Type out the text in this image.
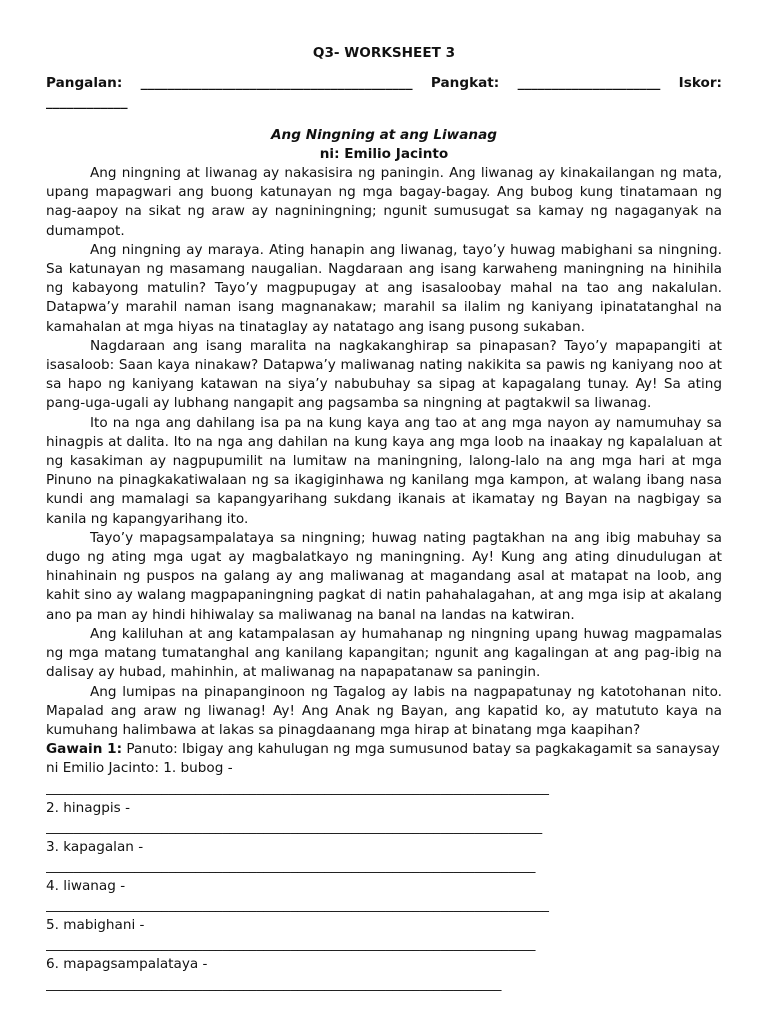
Q3- WORKSHEET 3

Pangalan: ________________________________________ Pangkat: _____________________ Iskor:

____________

Ang Ningning at ang Liwanag

ni: Emilio Jacinto

Ang ningning at liwanag ay nakasisira ng paningin. Ang liwanag ay kinakailangan ng mata, upang mapagwari ang buong katunayan ng mga bagay-bagay. Ang bubog kung tinatamaan ng nag-aapoy na sikat ng araw ay nagniningning; ngunit sumusugat sa kamay ng nagaganyak na dumampot.

Ang ningning ay maraya. Ating hanapin ang liwanag, tayo’y huwag mabighani sa ningning. Sa katunayan ng masamang naugalian. Nagdaraan ang isang karwaheng maningning na hinihila ng kabayong matulin? Tayo’y magpupugay at ang isasaloobay mahal na tao ang nakalulan. Datapwa’y marahil naman isang magnanakaw; marahil sa ilalim ng kaniyang ipinatatanghal na kamahalan at mga hiyas na tinataglay ay natatago ang isang pusong sukaban.

Nagdaraan ang isang maralita na nagkakanghirap sa pinapasan? Tayo’y mapapangiti at isasaloob: Saan kaya ninakaw? Datapwa’y maliwanag nating nakikita sa pawis ng kaniyang noo at sa hapo ng kaniyang katawan na siya’y nabubuhay sa sipag at kapagalang tunay. Ay! Sa ating pang-uga-ugali ay lubhang nangapit ang pagsamba sa ningning at pagtakwil sa liwanag.

Ito na nga ang dahilang isa pa na kung kaya ang tao at ang mga nayon ay namumuhay sa hinagpis at dalita. Ito na nga ang dahilan na kung kaya ang mga loob na inaakay ng kapalaluan at ng kasakiman ay nagpupumilit na lumitaw na maningning, lalong-lalo na ang mga hari at mga Pinuno na pinagkakatiwalaan ng sa ikagiginhawa ng kanilang mga kampon, at walang ibang nasa kundi ang mamalagi sa kapangyarihang sukdang ikanais at ikamatay ng Bayan na nagbigay sa kanila ng kapangyarihang ito.

Tayo’y mapagsampalataya sa ningning; huwag nating pagtakhan na ang ibig mabuhay sa dugo ng ating mga ugat ay magbalatkayo ng maningning. Ay! Kung ang ating dinudulugan at hinahinain ng puspos na galang ay ang maliwanag at magandang asal at matapat na loob, ang kahit sino ay walang magpapaningning pagkat di natin pahahalagahan, at ang mga isip at akalang ano pa man ay hindi hihiwalay sa maliwanag na banal na landas na katwiran.

Ang kaliluhan at ang katampalasan ay humahanap ng ningning upang huwag magpamalas ng mga matang tumatanghal ang kanilang kapangitan; ngunit ang kagalingan at ang pag-ibig na dalisay ay hubad, mahinhin, at maliwanag na napapatanaw sa paningin.

Ang lumipas na pinapanginoon ng Tagalog ay labis na nagpapatunay ng katotohanan nito. Mapalad ang araw ng liwanag! Ay! Ang Anak ng Bayan, ang kapatid ko, ay matututo kaya na kumuhang halimbawa at lakas sa pinagdaanang mga hirap at binatang mga kaapihan?

Gawain 1: Panuto: Ibigay ang kahulugan ng mga sumusunod batay sa pagkakagamit sa sanaysay ni Emilio Jacinto: 1. bubog -

__________________________________________________________________________
2. hinagpis -
_________________________________________________________________________
3. kapagalan -
________________________________________________________________________
4. liwanag -
__________________________________________________________________________
5. mabighani -
________________________________________________________________________
6. mapagsampalataya -
___________________________________________________________________
